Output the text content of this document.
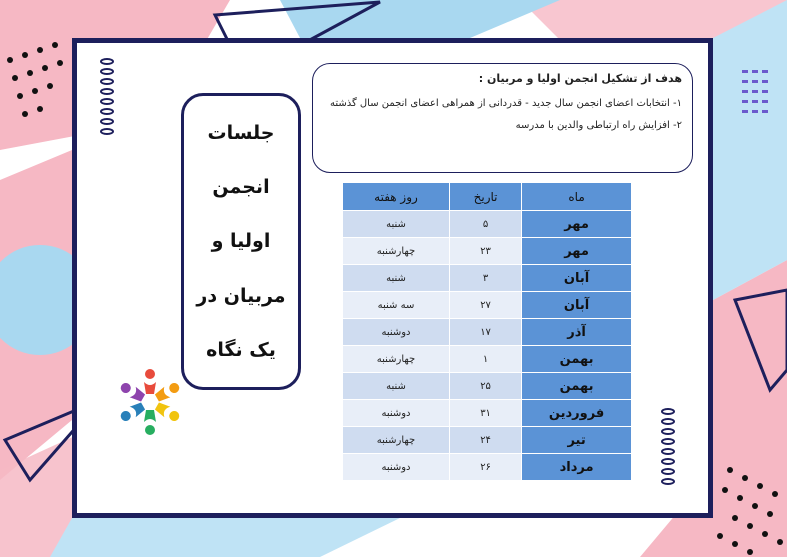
جلسات
انجمن
اولیا و
مربیان در
یک نگاه
هدف از تشکیل انجمن اولیا و مربیان :
۱- انتخابات اعضای انجمن سال جدید - قدردانی از همراهی اعضای انجمن سال گذشته
۲- افزایش راه ارتباطی والدین با مدرسه
ماه	تاریخ	روز هفته
مهر	۵	شنبه
مهر	۲۳	چهارشنبه
آبان	۳	شنبه
آبان	۲۷	سه شنبه
آذر	۱۷	دوشنبه
بهمن	۱	چهارشنبه
بهمن	۲۵	شنبه
فروردین	۳۱	دوشنبه
تیر	۲۴	چهارشنبه
مرداد	۲۶	دوشنبه
